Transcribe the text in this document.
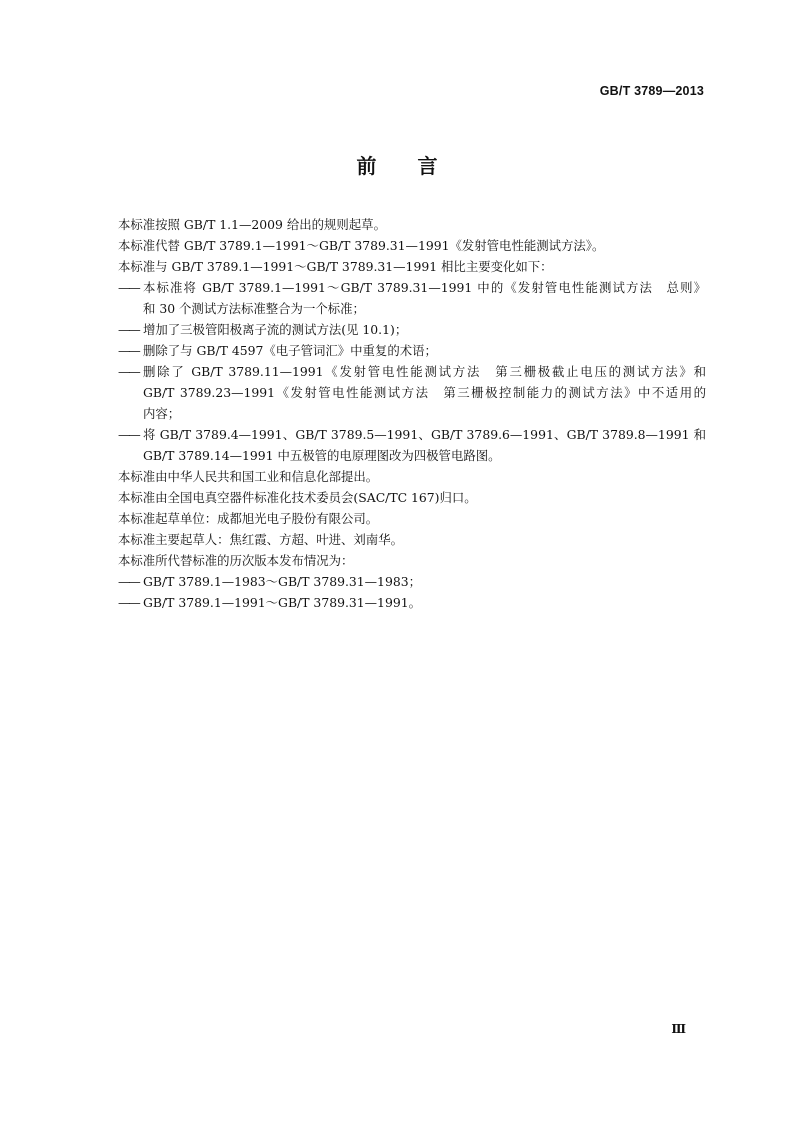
GB/T 3789—2013
前 言

本标准按照 GB/T 1.1—2009 给出的规则起草。

本标准代替 GB/T 3789.1—1991～GB/T 3789.31—1991《发射管电性能测试方法》。

本标准与 GB/T 3789.1—1991～GB/T 3789.31—1991 相比主要变化如下：

—— 本标准将 GB/T 3789.1—1991～GB/T 3789.31—1991 中的《发射管电性能测试方法　总则》
和 30 个测试方法标准整合为一个标准；
—— 增加了三极管阳极离子流的测试方法(见 10.1)；
—— 删除了与 GB/T 4597《电子管词汇》中重复的术语；
—— 删除了 GB/T 3789.11—1991《发射管电性能测试方法　第三栅极截止电压的测试方法》和
GB/T 3789.23—1991《发射管电性能测试方法　第三栅极控制能力的测试方法》中不适用的
内容；
—— 将 GB/T 3789.4—1991、GB/T 3789.5—1991、GB/T 3789.6—1991、GB/T 3789.8—1991 和
GB/T 3789.14—1991 中五极管的电原理图改为四极管电路图。

本标准由中华人民共和国工业和信息化部提出。

本标准由全国电真空器件标准化技术委员会(SAC/TC 167)归口。

本标准起草单位：成都旭光电子股份有限公司。

本标准主要起草人：焦红霞、方超、叶进、刘南华。

本标准所代替标准的历次版本发布情况为：

—— GB/T 3789.1—1983～GB/T 3789.31—1983；
—— GB/T 3789.1—1991～GB/T 3789.31—1991。
Ⅲ
